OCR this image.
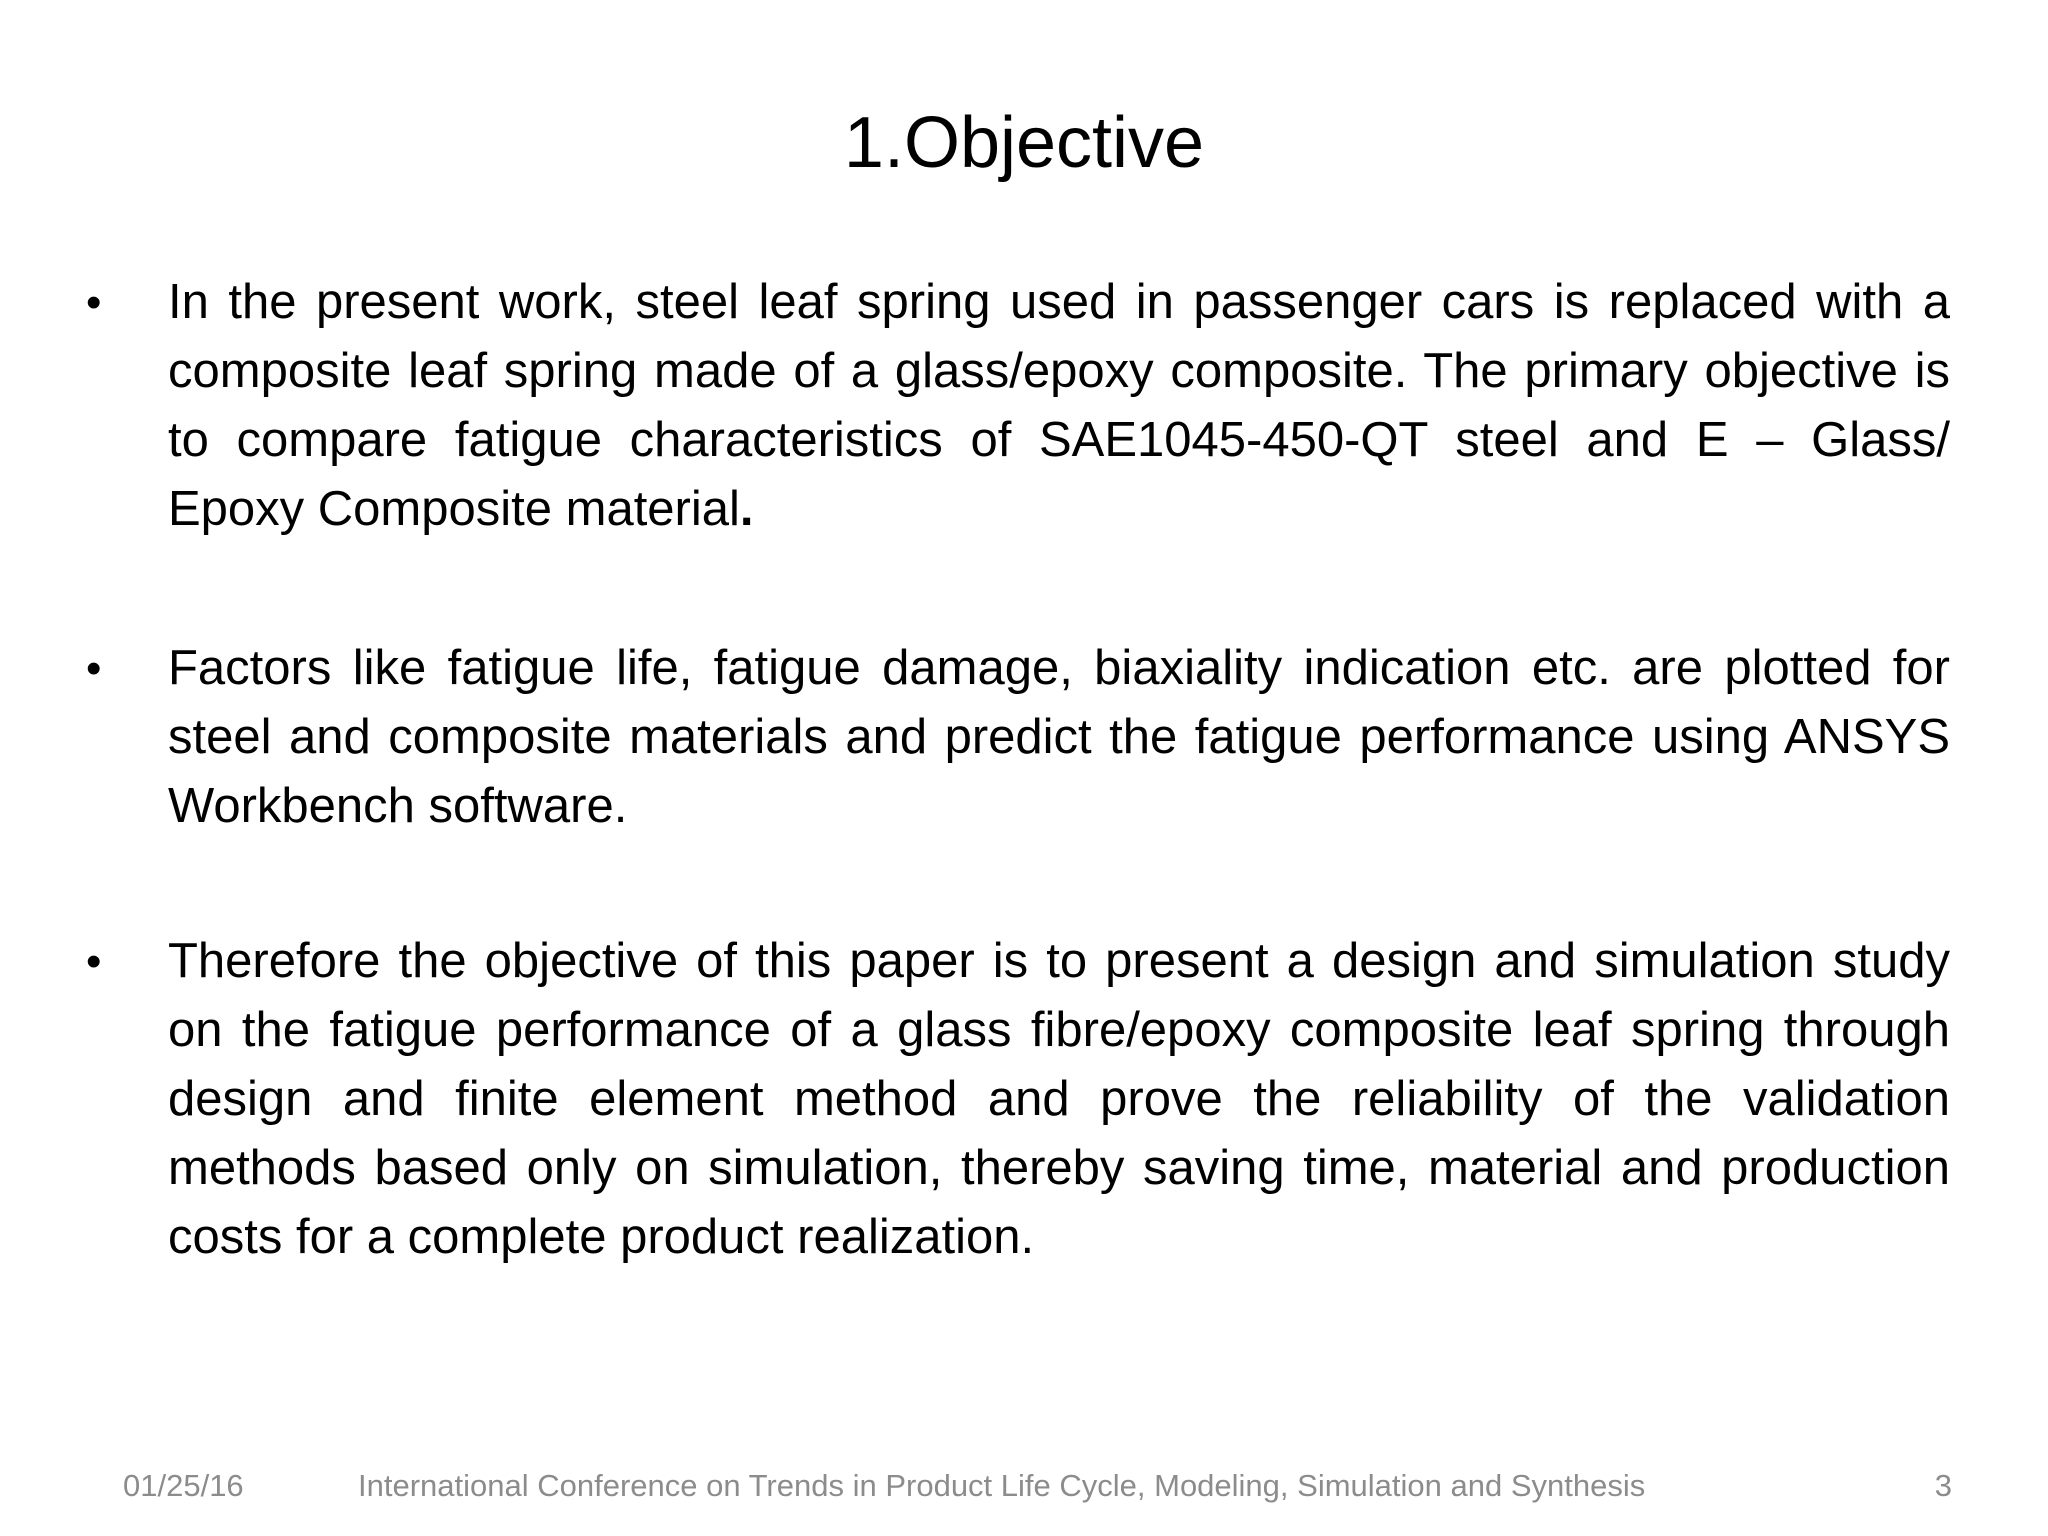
1.Objective
• In the present work, steel leaf spring used in passenger cars is replaced with a composite leaf spring made of a glass/epoxy composite. The primary objective is to compare fatigue characteristics of SAE1045-450-QT steel and E – Glass/ Epoxy Composite material.
• Factors like fatigue life, fatigue damage, biaxiality indication etc. are plotted for steel and composite materials and predict the fatigue performance using ANSYS Workbench software.
• Therefore the objective of this paper is to present a design and simulation study on the fatigue performance of a glass fibre/epoxy composite leaf spring through design and finite element method and prove the reliability of the validation methods based only on simulation, thereby saving time, material and production costs for a complete product realization.
01/25/16	International Conference on Trends in Product Life Cycle, Modeling, Simulation and Synthesis	3
